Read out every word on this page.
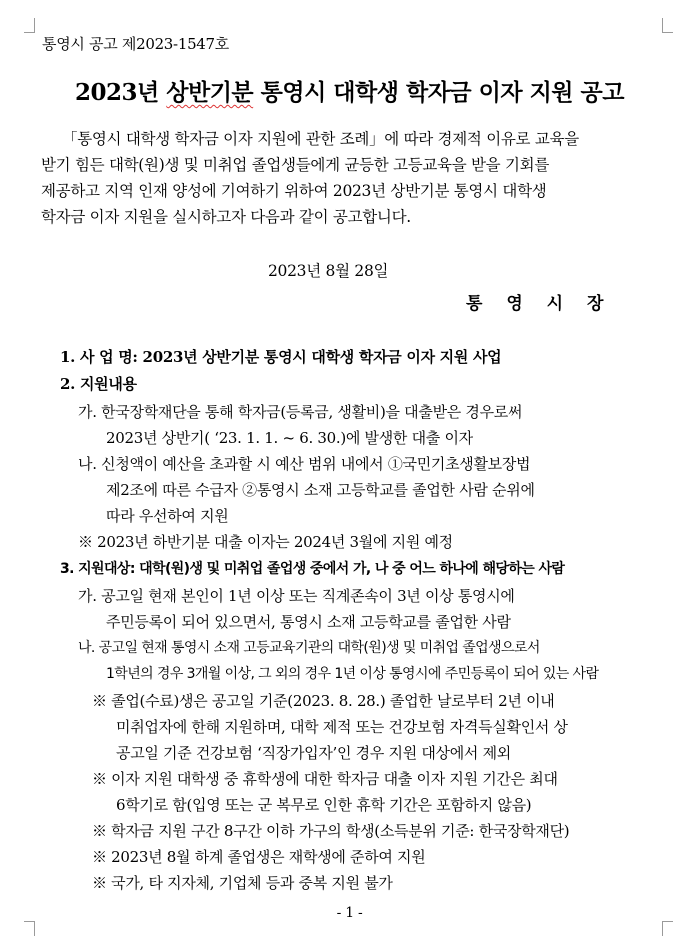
통영시 공고 제2023-1547호
2023년 상반기분 통영시 대학생 학자금 이자 지원 공고
「통영시 대학생 학자금 이자 지원에 관한 조례」에 따라 경제적 이유로 교육을
받기 힘든 대학(원)생 및 미취업 졸업생들에게 균등한 고등교육을 받을 기회를
제공하고 지역 인재 양성에 기여하기 위하여 2023년 상반기분 통영시 대학생
학자금 이자 지원을 실시하고자 다음과 같이 공고합니다.
2023년 8월 28일
통 영 시 장
1. 사 업 명: 2023년 상반기분 통영시 대학생 학자금 이자 지원 사업
2. 지원내용
가. 한국장학재단을 통해 학자금(등록금, 생활비)을 대출받은 경우로써
2023년 상반기( ‘23. 1. 1. ~ 6. 30.)에 발생한 대출 이자
나. 신청액이 예산을 초과할 시 예산 범위 내에서 ①국민기초생활보장법
제2조에 따른 수급자 ②통영시 소재 고등학교를 졸업한 사람 순위에
따라 우선하여 지원
※ 2023년 하반기분 대출 이자는 2024년 3월에 지원 예정
3. 지원대상: 대학(원)생 및 미취업 졸업생 중에서 가, 나 중 어느 하나에 해당하는 사람
가. 공고일 현재 본인이 1년 이상 또는 직계존속이 3년 이상 통영시에
주민등록이 되어 있으면서, 통영시 소재 고등학교를 졸업한 사람
나. 공고일 현재 통영시 소재 고등교육기관의 대학(원)생 및 미취업 졸업생으로서
1학년의 경우 3개월 이상, 그 외의 경우 1년 이상 통영시에 주민등록이 되어 있는 사람
※ 졸업(수료)생은 공고일 기준(2023. 8. 28.) 졸업한 날로부터 2년 이내
미취업자에 한해 지원하며, 대학 제적 또는 건강보험 자격득실확인서 상
공고일 기준 건강보험 ‘직장가입자’인 경우 지원 대상에서 제외
※ 이자 지원 대학생 중 휴학생에 대한 학자금 대출 이자 지원 기간은 최대
6학기로 함(입영 또는 군 복무로 인한 휴학 기간은 포함하지 않음)
※ 학자금 지원 구간 8구간 이하 가구의 학생(소득분위 기준: 한국장학재단)
※ 2023년 8월 하계 졸업생은 재학생에 준하여 지원
※ 국가, 타 지자체, 기업체 등과 중복 지원 불가
- 1 -
